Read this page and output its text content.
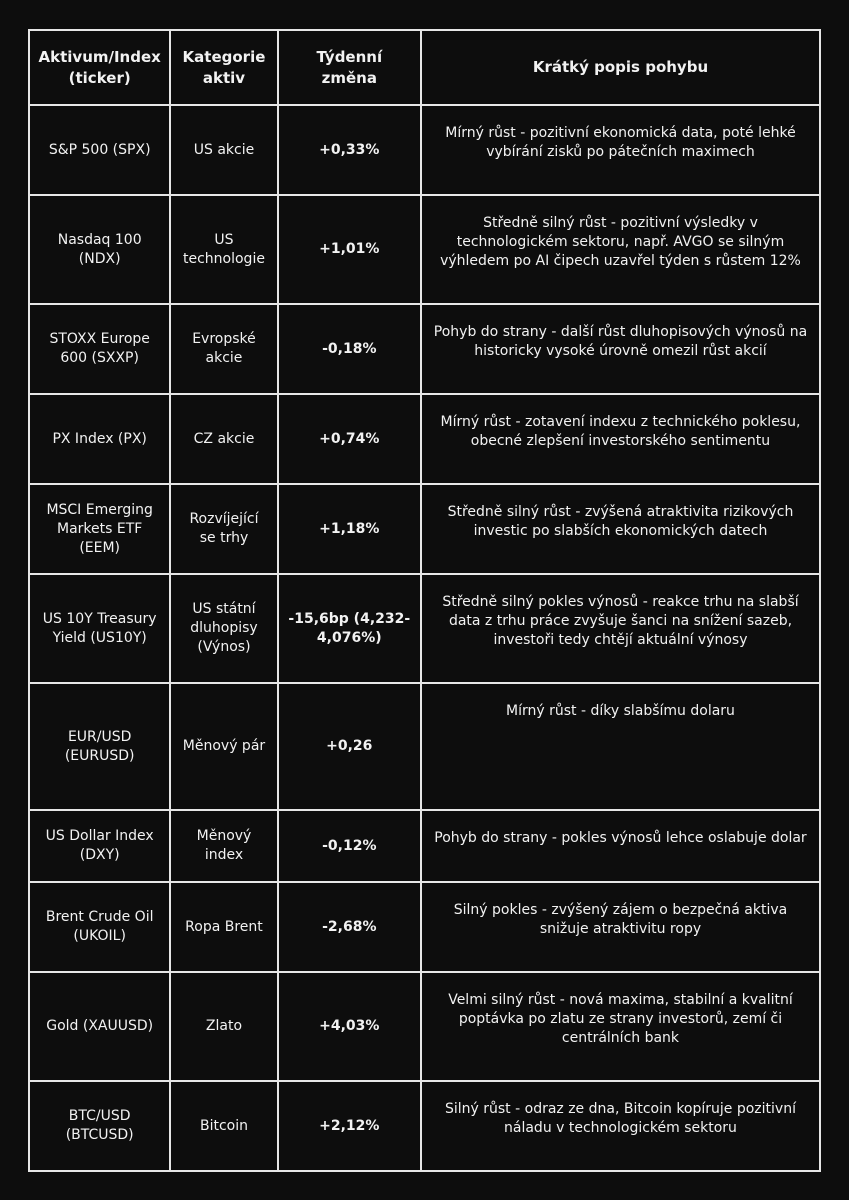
Aktivum/Index (ticker)	Kategorie aktiv	Týdenní změna	Krátký popis pohybu
S&P 500 (SPX)	US akcie	+0,33%	Mírný růst - pozitivní ekonomická data, poté lehké vybírání zisků po pátečních maximech
Nasdaq 100 (NDX)	US technologie	+1,01%	Středně silný růst - pozitivní výsledky v technologickém sektoru, např. AVGO se silným výhledem po AI čipech uzavřel týden s růstem 12%
STOXX Europe 600 (SXXP)	Evropské akcie	-0,18%	Pohyb do strany - další růst dluhopisových výnosů na historicky vysoké úrovně omezil růst akcií
PX Index (PX)	CZ akcie	+0,74%	Mírný růst - zotavení indexu z technického poklesu, obecné zlepšení investorského sentimentu
MSCI Emerging Markets ETF (EEM)	Rozvíjející se trhy	+1,18%	Středně silný růst - zvýšená atraktivita rizikových investic po slabších ekonomických datech
US 10Y Treasury Yield (US10Y)	US státní dluhopisy (Výnos)	-15,6bp (4,232-4,076%)	Středně silný pokles výnosů - reakce trhu na slabší data z trhu práce zvyšuje šanci na snížení sazeb, investoři tedy chtějí aktuální výnosy
EUR/USD (EURUSD)	Měnový pár	+0,26	Mírný růst - díky slabšímu dolaru
US Dollar Index (DXY)	Měnový index	-0,12%	Pohyb do strany - pokles výnosů lehce oslabuje dolar
Brent Crude Oil (UKOIL)	Ropa Brent	-2,68%	Silný pokles - zvýšený zájem o bezpečná aktiva snižuje atraktivitu ropy
Gold (XAUUSD)	Zlato	+4,03%	Velmi silný růst - nová maxima, stabilní a kvalitní poptávka po zlatu ze strany investorů, zemí či centrálních bank
BTC/USD (BTCUSD)	Bitcoin	+2,12%	Silný růst - odraz ze dna, Bitcoin kopíruje pozitivní náladu v technologickém sektoru
